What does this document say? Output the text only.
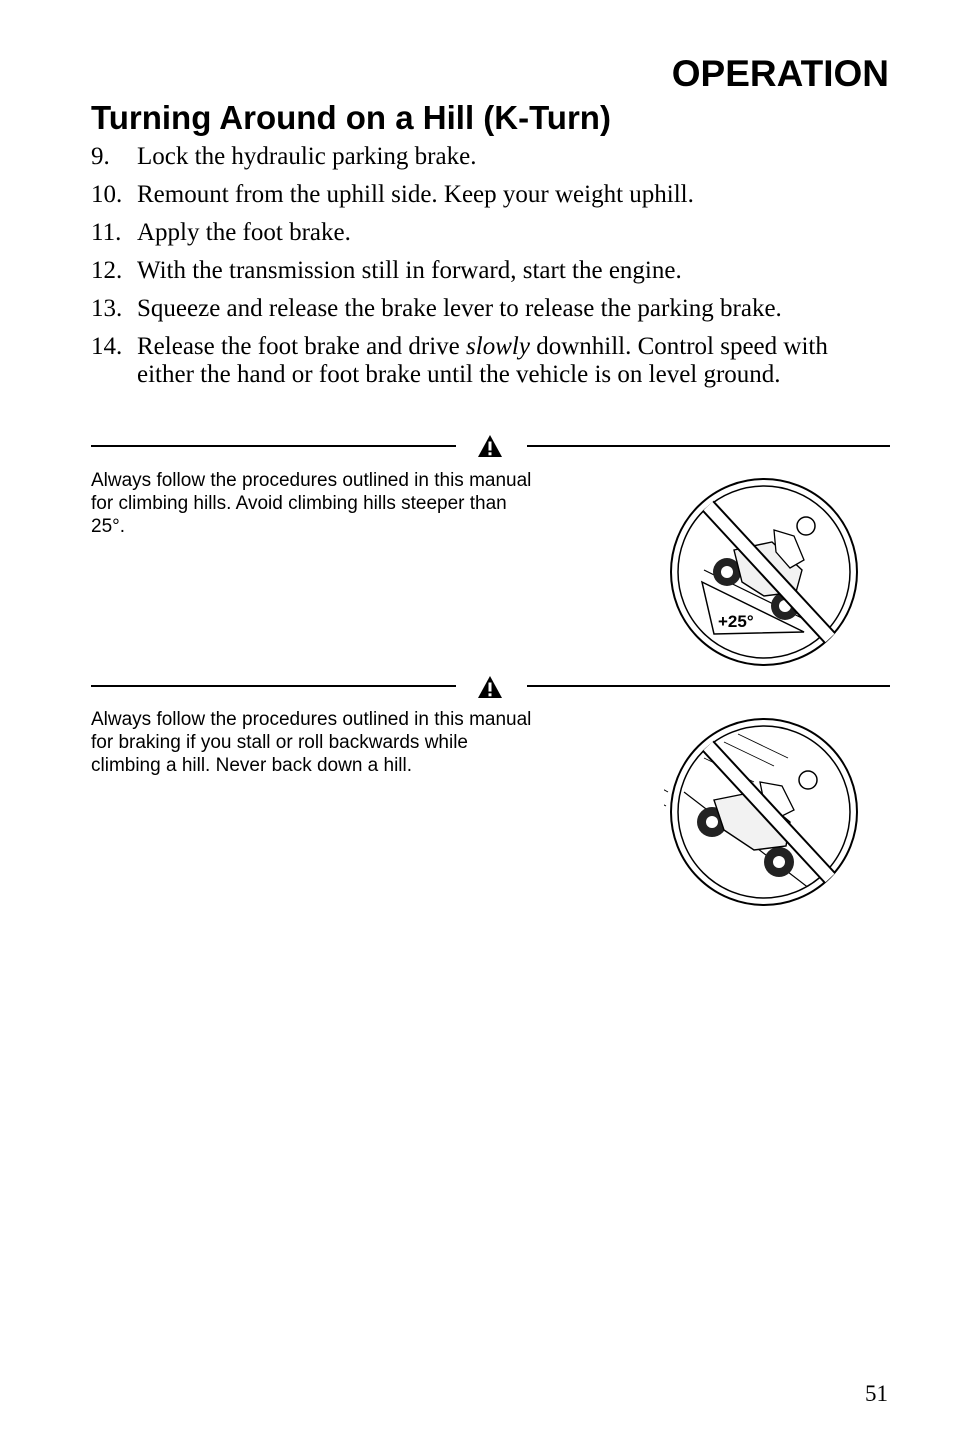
OPERATION
Turning Around on a Hill (K-Turn)
9. Lock the hydraulic parking brake.
10. Remount from the uphill side. Keep your weight uphill.
11. Apply the foot brake.
12. With the transmission still in forward, start the engine.
13. Squeeze and release the brake lever to release the parking brake.
14. Release the foot brake and drive slowly downhill. Control speed with either the hand or foot brake until the vehicle is on level ground.

Always follow the procedures outlined in this manual for climbing hills. Avoid climbing hills steeper than 25°.

+25°

Always follow the procedures outlined in this manual for braking if you stall or roll backwards while climbing a hill. Never back down a hill.

51
